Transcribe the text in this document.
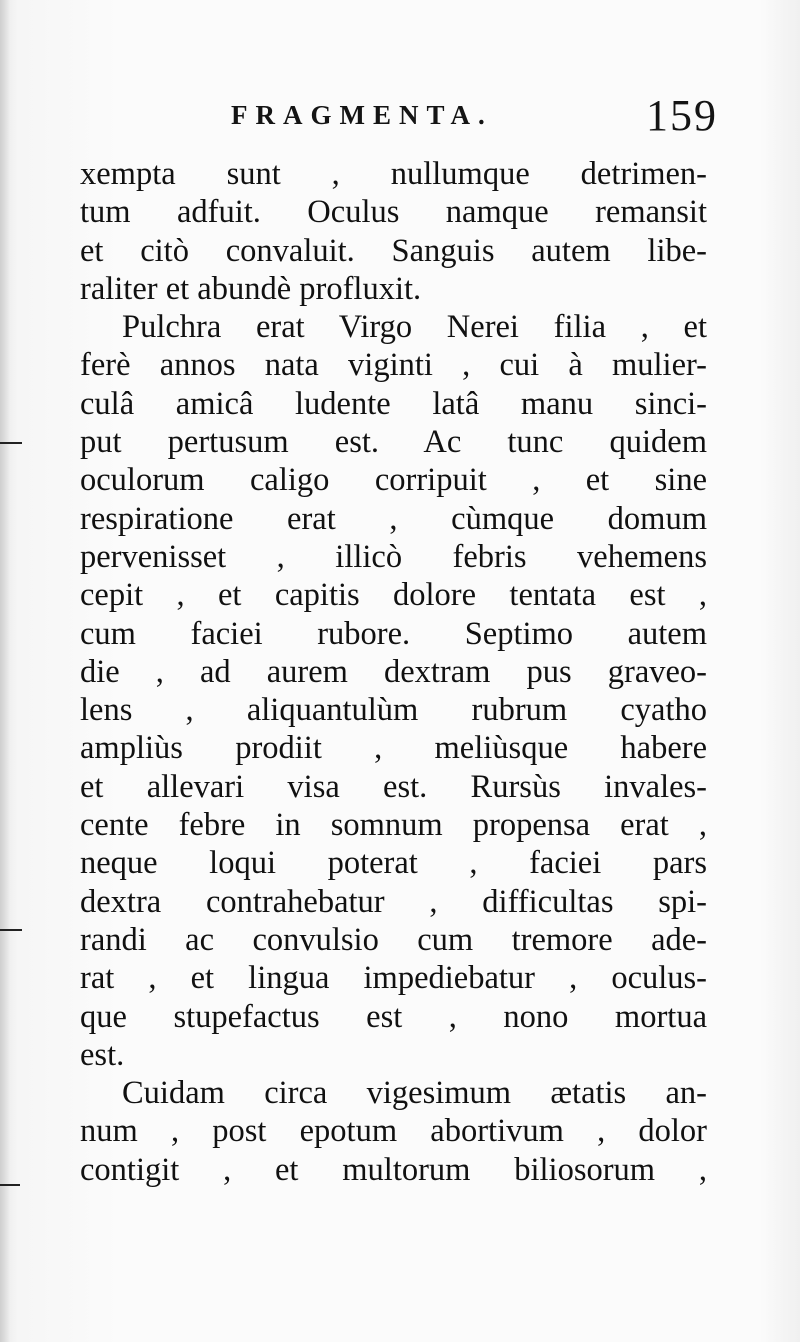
FRAGMENTA.	159
xempta sunt , nullumque detrimen-
tum adfuit. Oculus namque remansit
et citò convaluit. Sanguis autem libe-
raliter et abundè profluxit.
Pulchra erat Virgo Nerei filia , et
ferè annos nata viginti , cui à mulier-
culâ amicâ ludente latâ manu sinci-
put pertusum est. Ac tunc quidem
oculorum caligo corripuit , et sine
respiratione erat , cùmque domum
pervenisset , illicò febris vehemens
cepit , et capitis dolore tentata est ,
cum faciei rubore. Septimo autem
die , ad aurem dextram pus graveo-
lens , aliquantulùm rubrum cyatho
ampliùs prodiit , meliùsque habere
et allevari visa est. Rursùs invales-
cente febre in somnum propensa erat ,
neque loqui poterat , faciei pars
dextra contrahebatur , difficultas spi-
randi ac convulsio cum tremore ade-
rat , et lingua impediebatur , oculus-
que stupefactus est , nono mortua
est.
Cuidam circa vigesimum ætatis an-
num , post epotum abortivum , dolor
contigit , et multorum biliosorum ,
